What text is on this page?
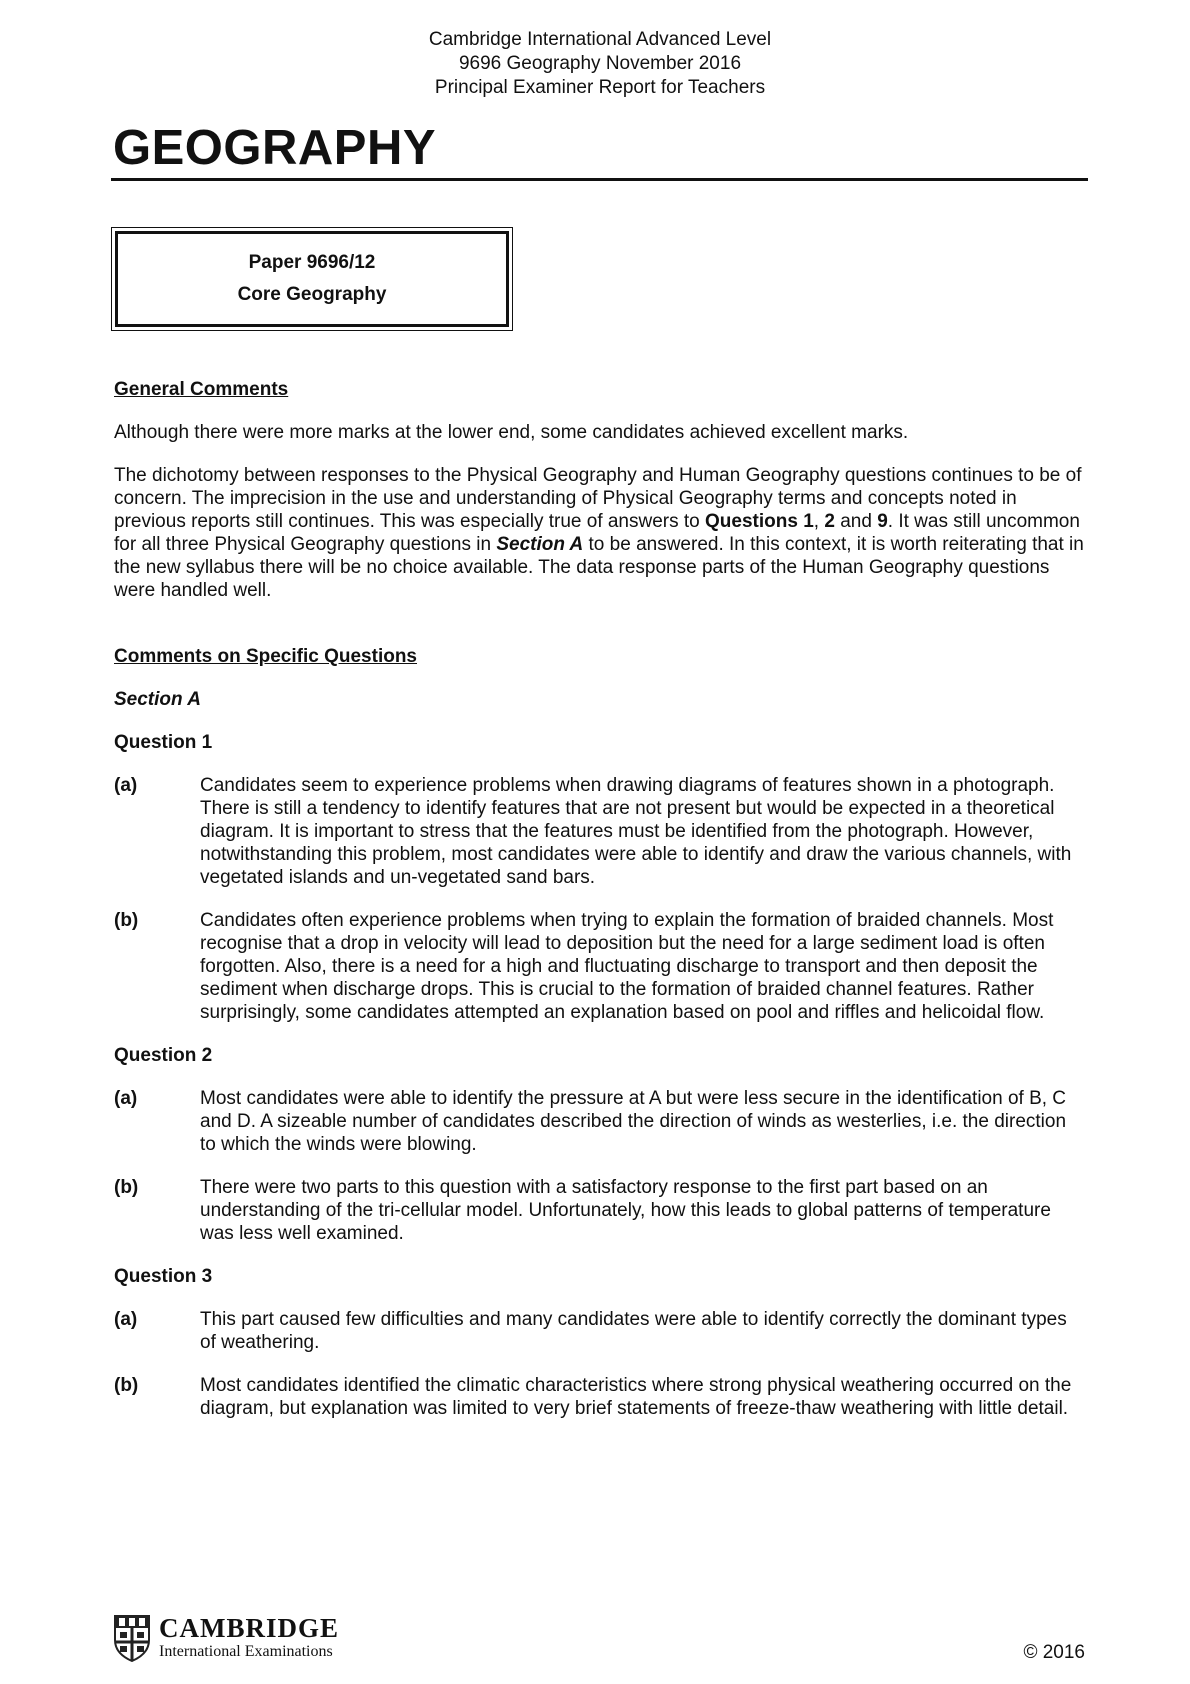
Cambridge International Advanced Level
9696 Geography November 2016
Principal Examiner Report for Teachers
GEOGRAPHY
Paper 9696/12
Core Geography

General Comments

Although there were more marks at the lower end, some candidates achieved excellent marks.

The dichotomy between responses to the Physical Geography and Human Geography questions continues to be of concern. The imprecision in the use and understanding of Physical Geography terms and concepts noted in previous reports still continues. This was especially true of answers to Questions 1, 2 and 9. It was still uncommon for all three Physical Geography questions in Section A to be answered. In this context, it is worth reiterating that in the new syllabus there will be no choice available. The data response parts of the Human Geography questions were handled well.

Comments on Specific Questions

Section A

Question 1

(a)	Candidates seem to experience problems when drawing diagrams of features shown in a photograph. There is still a tendency to identify features that are not present but would be expected in a theoretical diagram. It is important to stress that the features must be identified from the photograph. However, notwithstanding this problem, most candidates were able to identify and draw the various channels, with vegetated islands and un-vegetated sand bars.
(b)	Candidates often experience problems when trying to explain the formation of braided channels. Most recognise that a drop in velocity will lead to deposition but the need for a large sediment load is often forgotten. Also, there is a need for a high and fluctuating discharge to transport and then deposit the sediment when discharge drops. This is crucial to the formation of braided channel features. Rather surprisingly, some candidates attempted an explanation based on pool and riffles and helicoidal flow.

Question 2

(a)	Most candidates were able to identify the pressure at A but were less secure in the identification of B, C and D. A sizeable number of candidates described the direction of winds as westerlies, i.e. the direction to which the winds were blowing.
(b)	There were two parts to this question with a satisfactory response to the first part based on an understanding of the tri-cellular model. Unfortunately, how this leads to global patterns of temperature was less well examined.

Question 3

(a)	This part caused few difficulties and many candidates were able to identify correctly the dominant types of weathering.
(b)	Most candidates identified the climatic characteristics where strong physical weathering occurred on the diagram, but explanation was limited to very brief statements of freeze-thaw weathering with little detail.
CAMBRIDGE
International Examinations	© 2016
